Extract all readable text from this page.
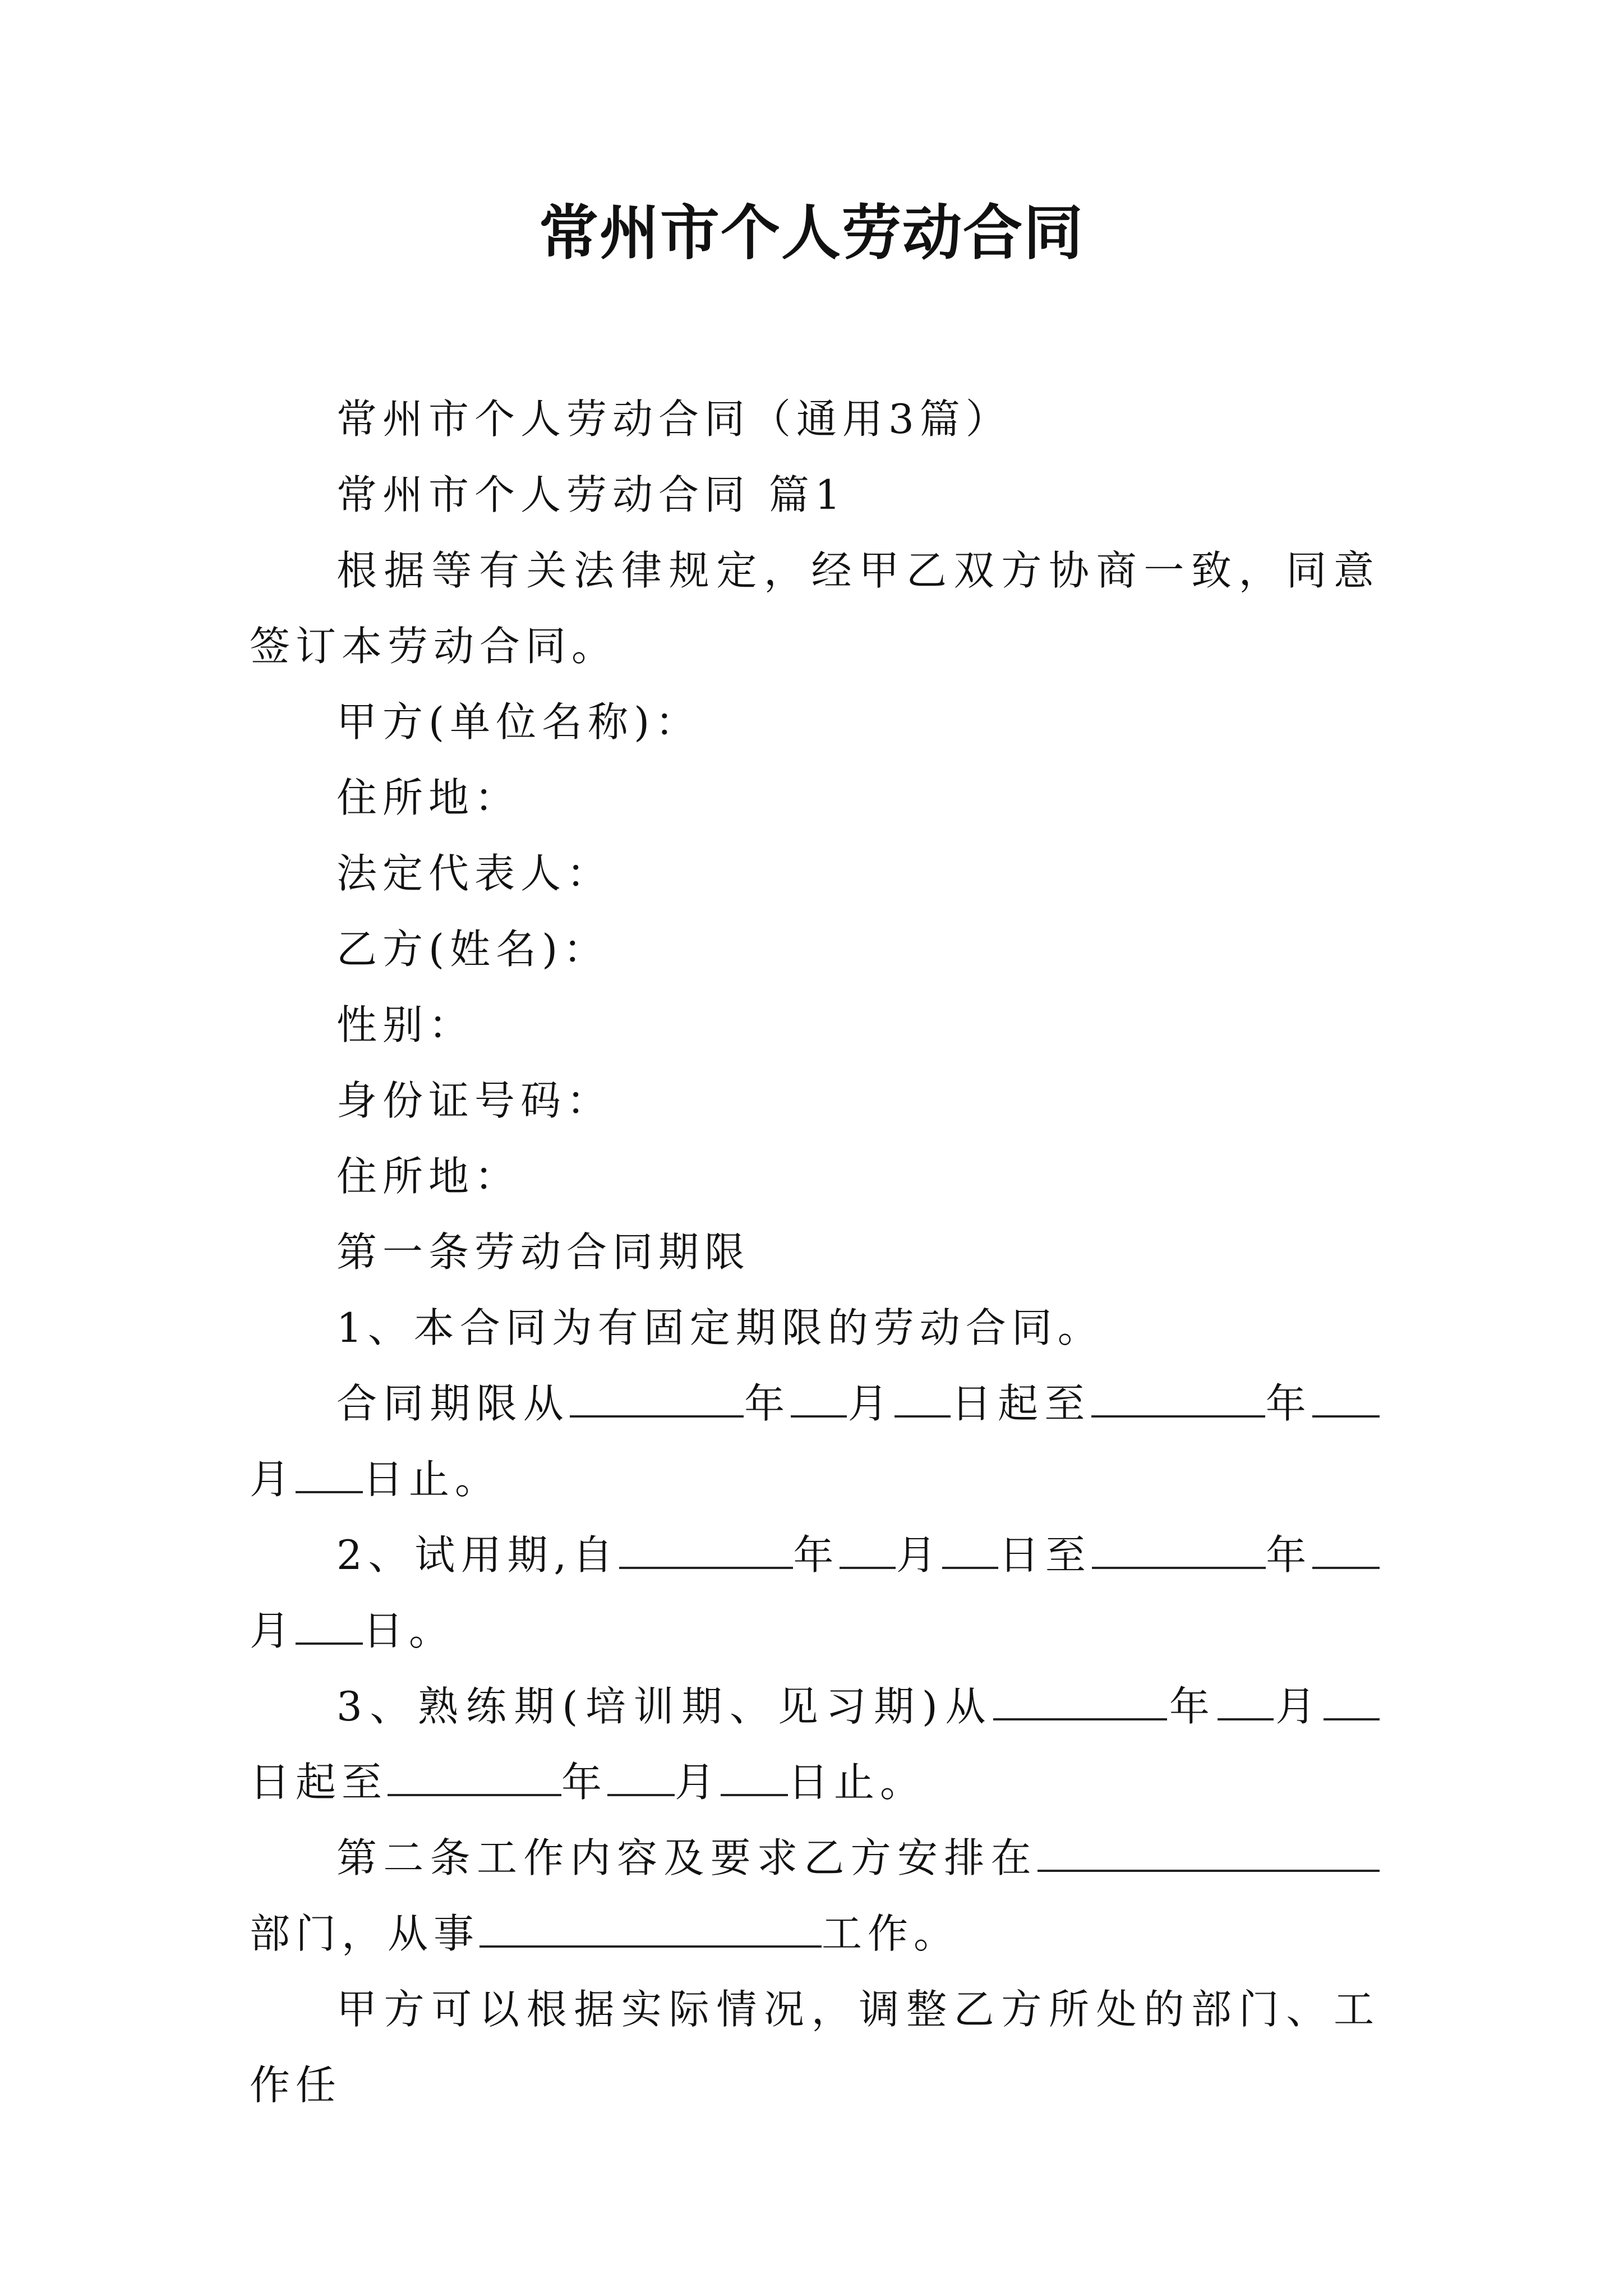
常州市个人劳动合同

常州市个人劳动合同（通用3篇）

常州市个人劳动合同 篇1

根据等有关法律规定，经甲乙双方协商一致，同意签订本劳动合同。

甲方(单位名称)：

住所地：

法定代表人：

乙方(姓名)：

性别：

身份证号码：

住所地：

第一条劳动合同期限

1、本合同为有固定期限的劳动合同。

合同期限从	年 月 日起至	年月 日止。

2、试用期,自	年 月 日至	年月 日。

3、熟练期(培训期、见习期)从	年 月日起至	年 月 日止。

第二条工作内容及要求乙方安排在部门，从事	工作。

甲方可以根据实际情况，调整乙方所处的部门、工作任
